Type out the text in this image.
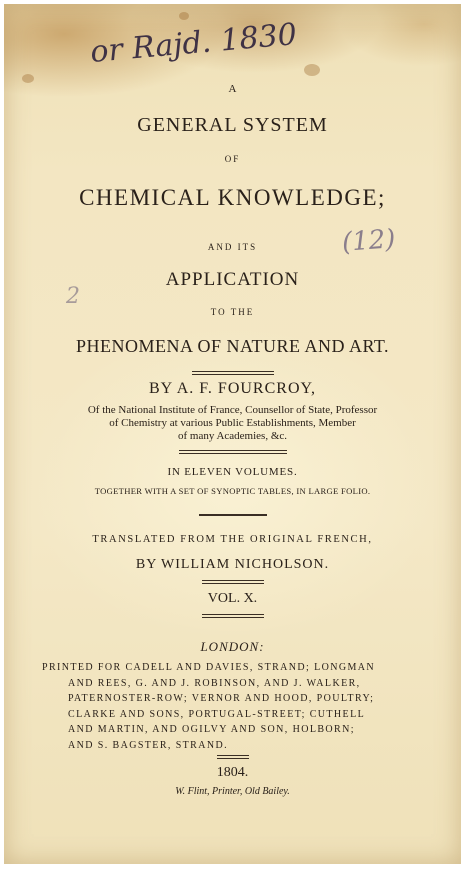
or Rajd. 1830
(12)
2
A
GENERAL SYSTEM
OF
CHEMICAL KNOWLEDGE;
AND ITS
APPLICATION
TO THE
PHENOMENA OF NATURE AND ART.
BY A. F. FOURCROY,
Of the National Institute of France, Counsellor of State, Professor
of Chemistry at various Public Establishments, Member
of many Academies, &c.
IN ELEVEN VOLUMES.
TOGETHER WITH A SET OF SYNOPTIC TABLES, IN LARGE FOLIO.
TRANSLATED FROM THE ORIGINAL FRENCH,
BY WILLIAM NICHOLSON.
VOL. X.
LONDON:
PRINTED FOR CADELL AND DAVIES, STRAND; LONGMAN
AND REES, G. AND J. ROBINSON, AND J. WALKER,
PATERNOSTER-ROW; VERNOR AND HOOD, POULTRY;
CLARKE AND SONS, PORTUGAL-STREET; CUTHELL
AND MARTIN, AND OGILVY AND SON, HOLBORN;
AND S. BAGSTER, STRAND.
1804.
W. Flint, Printer, Old Bailey.
